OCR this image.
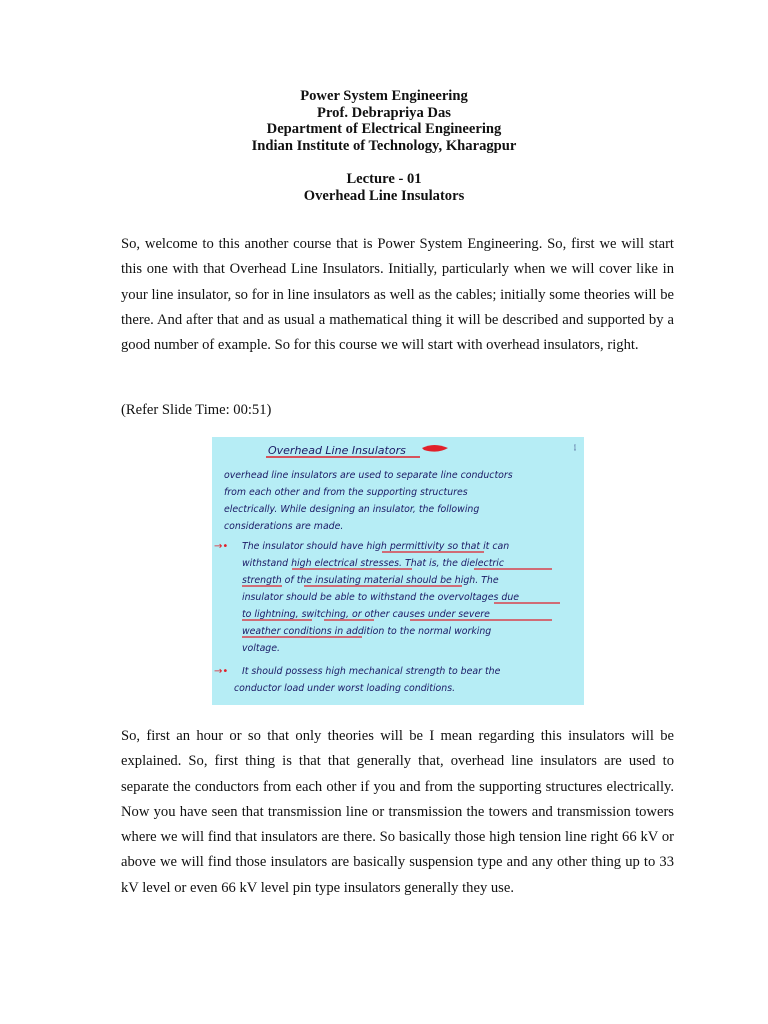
Power System Engineering
Prof. Debrapriya Das
Department of Electrical Engineering
Indian Institute of Technology, Kharagpur
Lecture - 01
Overhead Line Insulators

So, welcome to this another course that is Power System Engineering. So, first we will start this one with that Overhead Line Insulators. Initially, particularly when we will cover like in your line insulator, so for in line insulators as well as the cables; initially some theories will be there. And after that and as usual a mathematical thing it will be described and supported by a good number of example. So for this course we will start with overhead insulators, right.

(Refer Slide Time: 00:51)
Overhead Line Insulators	①
overhead line insulators are used to separate line conductors
from each other and from the supporting structures
electrically. While designing an insulator, the following
considerations are made.
→• The insulator should have high permittivity so that it can
withstand high electrical stresses. That is, the dielectric
strength of the insulating material should be high. The
insulator should be able to withstand the overvoltages due
to lightning, switching, or other causes under severe
weather conditions in addition to the normal working
voltage.
→• It should possess high mechanical strength to bear the
conductor load under worst loading conditions.

So, first an hour or so that only theories will be I mean regarding this insulators will be explained. So, first thing is that that generally that, overhead line insulators are used to separate the conductors from each other if you and from the supporting structures electrically. Now you have seen that transmission line or transmission the towers and transmission towers where we will find that insulators are there. So basically those high tension line right 66 kV or above we will find those insulators are basically suspension type and any other thing up to 33 kV level or even 66 kV level pin type insulators generally they use.
